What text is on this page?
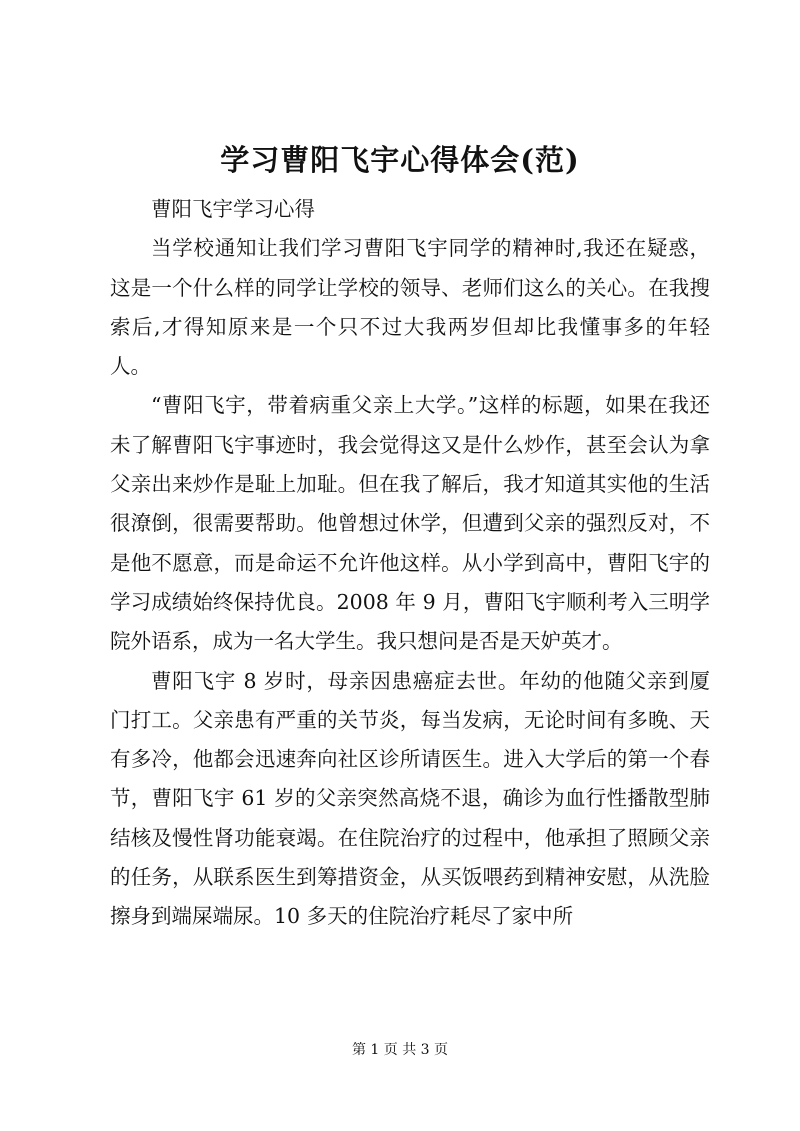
学习曹阳飞宇心得体会(范)

曹阳飞宇学习心得

当学校通知让我们学习曹阳飞宇同学的精神时,我还在疑惑，这是一个什么样的同学让学校的领导、老师们这么的关心。在我搜索后,才得知原来是一个只不过大我两岁但却比我懂事多的年轻人。

“曹阳飞宇，带着病重父亲上大学。”这样的标题，如果在我还未了解曹阳飞宇事迹时，我会觉得这又是什么炒作，甚至会认为拿父亲出来炒作是耻上加耻。但在我了解后，我才知道其实他的生活很潦倒，很需要帮助。他曾想过休学，但遭到父亲的强烈反对，不是他不愿意，而是命运不允许他这样。从小学到高中，曹阳飞宇的学习成绩始终保持优良。2008 年 9 月，曹阳飞宇顺利考入三明学院外语系，成为一名大学生。我只想问是否是天妒英才。

曹阳飞宇 8 岁时，母亲因患癌症去世。年幼的他随父亲到厦门打工。父亲患有严重的关节炎，每当发病，无论时间有多晚、天有多冷，他都会迅速奔向社区诊所请医生。进入大学后的第一个春节，曹阳飞宇 61 岁的父亲突然高烧不退，确诊为血行性播散型肺结核及慢性肾功能衰竭。在住院治疗的过程中，他承担了照顾父亲的任务，从联系医生到筹措资金，从买饭喂药到精神安慰，从洗脸擦身到端屎端尿。10 多天的住院治疗耗尽了家中所

第 1 页 共 3 页
